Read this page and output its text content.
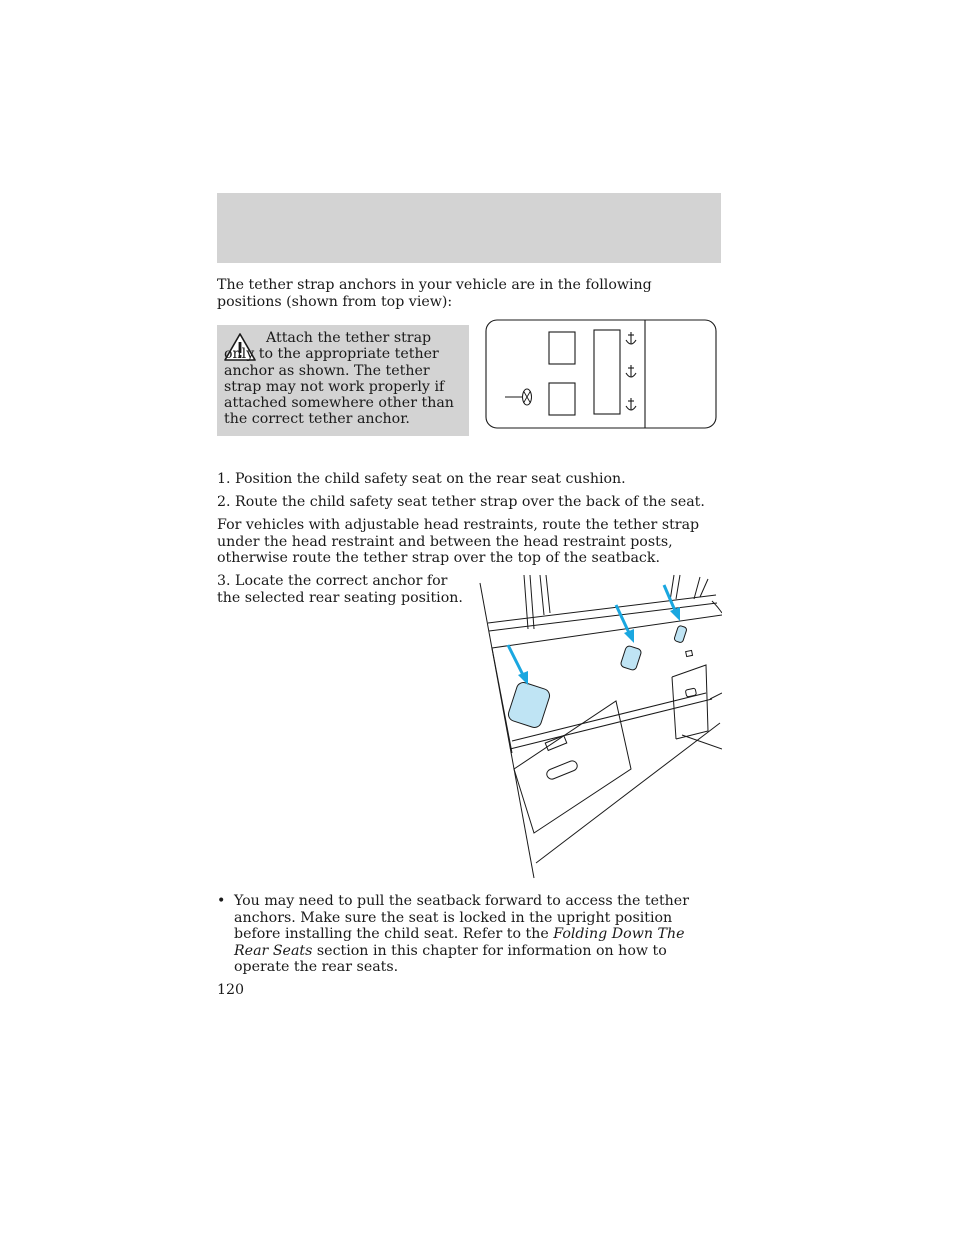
The tether strap anchors in your vehicle are in the following positions (shown from top view):
Attach the tether strap only to the appropriate tether anchor as shown. The tether strap may not work properly if attached somewhere other than the correct tether anchor.
1. Position the child safety seat on the rear seat cushion.
2. Route the child safety seat tether strap over the back of the seat.
For vehicles with adjustable head restraints, route the tether strap under the head restraint and between the head restraint posts, otherwise route the tether strap over the top of the seatback.
3. Locate the correct anchor for the selected rear seating position.
• You may need to pull the seatback forward to access the tether anchors. Make sure the seat is locked in the upright position before installing the child seat. Refer to the Folding Down The Rear Seats section in this chapter for information on how to operate the rear seats.
120
